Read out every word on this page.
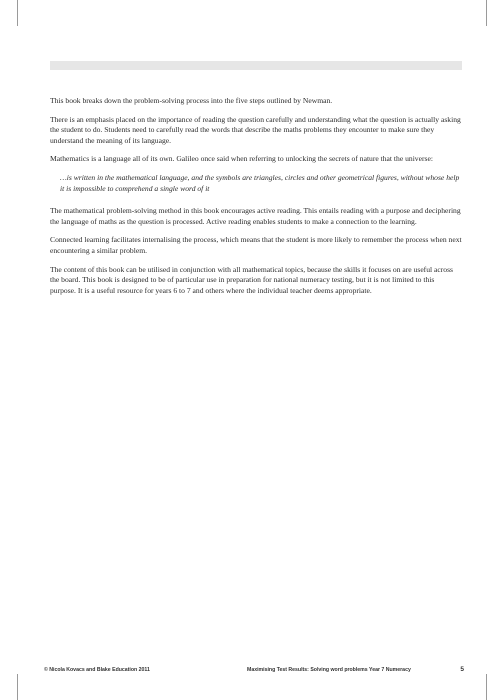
This book breaks down the problem-solving process into the five steps outlined by Newman.

There is an emphasis placed on the importance of reading the question carefully and understanding what the question is actually asking the student to do. Students need to carefully read the words that describe the maths problems they encounter to make sure they understand the meaning of its language.

Mathematics is a language all of its own. Galileo once said when referring to unlocking the secrets of nature that the universe:

…is written in the mathematical language, and the symbols are triangles, circles and other geometrical figures, without whose help it is impossible to comprehend a single word of it

The mathematical problem-solving method in this book encourages active reading. This entails reading with a purpose and deciphering the language of maths as the question is processed. Active reading enables students to make a connection to the learning.

Connected learning facilitates internalising the process, which means that the student is more likely to remember the process when next encountering a similar problem.

The content of this book can be utilised in conjunction with all mathematical topics, because the skills it focuses on are useful across the board. This book is designed to be of particular use in preparation for national numeracy testing, but it is not limited to this purpose. It is a useful resource for years 6 to 7 and others where the individual teacher deems appropriate.

© Nicola Kovacs and Blake Education 2011	Maximising Test Results: Solving word problems Year 7 Numeracy	5
